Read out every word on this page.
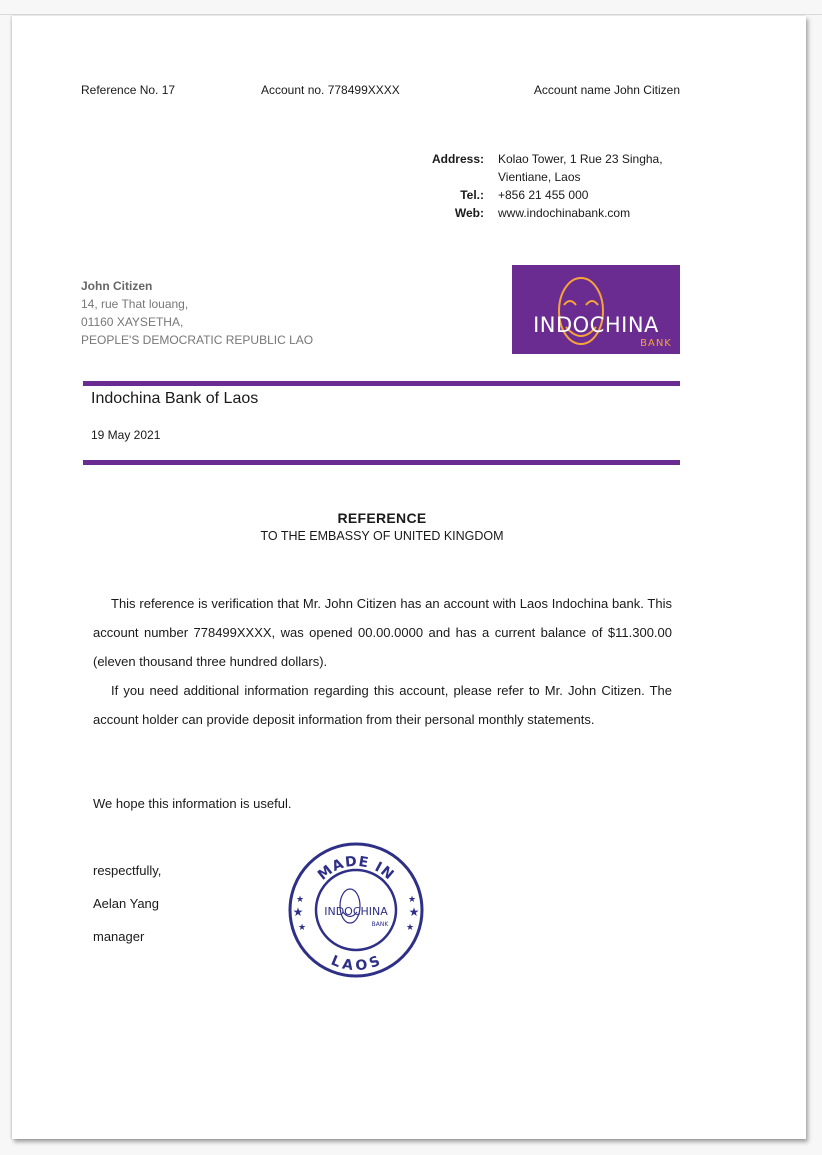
Reference No. 17	Account no. 778499XXXX	Account name John Citizen
Address:	Kolao Tower, 1 Rue 23 Singha,
Vientiane, Laos

Tel.:	+856 21 455 000
Web:	www.indochinabank.com
John Citizen
14, rue That louang,
01160 XAYSETHA,
PEOPLE'S DEMOCRATIC REPUBLIC LAO
INDOCHINA
BANK
Indochina Bank of Laos
19 May 2021
REFERENCE
TO THE EMBASSY OF UNITED KINGDOM

This reference is verification that Mr. John Citizen has an account with Laos Indochina bank. This account number 778499XXXX, was opened 00.00.0000 and has a current balance of $11.300.00 (eleven thousand three hundred dollars).

If you need additional information regarding this account, please refer to Mr. John Citizen. The account holder can provide deposit information from their personal monthly statements.

We hope this information is useful.
respectfully,
Aelan Yang
manager
MADE IN
LAOS
★
★
★
★
★
★
INDOCHINA
BANK
